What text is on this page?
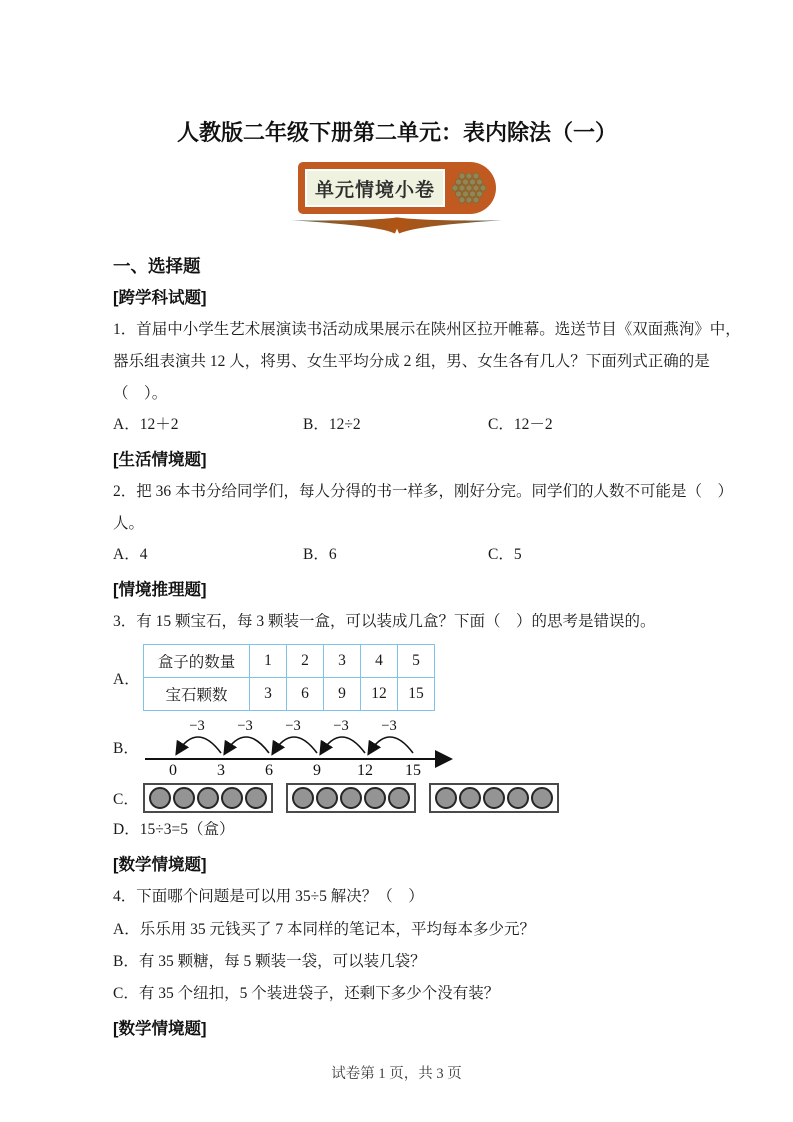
人教版二年级下册第二单元：表内除法（一）
单元情境小卷
一、选择题
[跨学科试题]
1．首届中小学生艺术展演读书活动成果展示在陕州区拉开帷幕。选送节目《双面燕洵》中，
器乐组表演共 12 人，将男、女生平均分成 2 组，男、女生各有几人？下面列式正确的是
（　）。
A．12＋2	B．12÷2	C．12－2
[生活情境题]
2．把 36 本书分给同学们，每人分得的书一样多，刚好分完。同学们的人数不可能是（　）
人。
A．4	B．6	C．5
[情境推理题]
3．有 15 颗宝石，每 3 颗装一盒，可以装成几盒？下面（　）的思考是错误的。
A．
盒子的数量	1	2	3	4	5
宝石颗数	3	6	9	12	15
B．
−3 −3 −3 −3 −3
0	3	6	9 12 15
C．
D．15÷3=5（盒）
[数学情境题]
4．下面哪个问题是可以用 35÷5 解决？（　）
A．乐乐用 35 元钱买了 7 本同样的笔记本，平均每本多少元？
B．有 35 颗糖，每 5 颗装一袋，可以装几袋？
C．有 35 个纽扣，5 个装进袋子，还剩下多少个没有装？
[数学情境题]
试卷第 1 页，共 3 页
